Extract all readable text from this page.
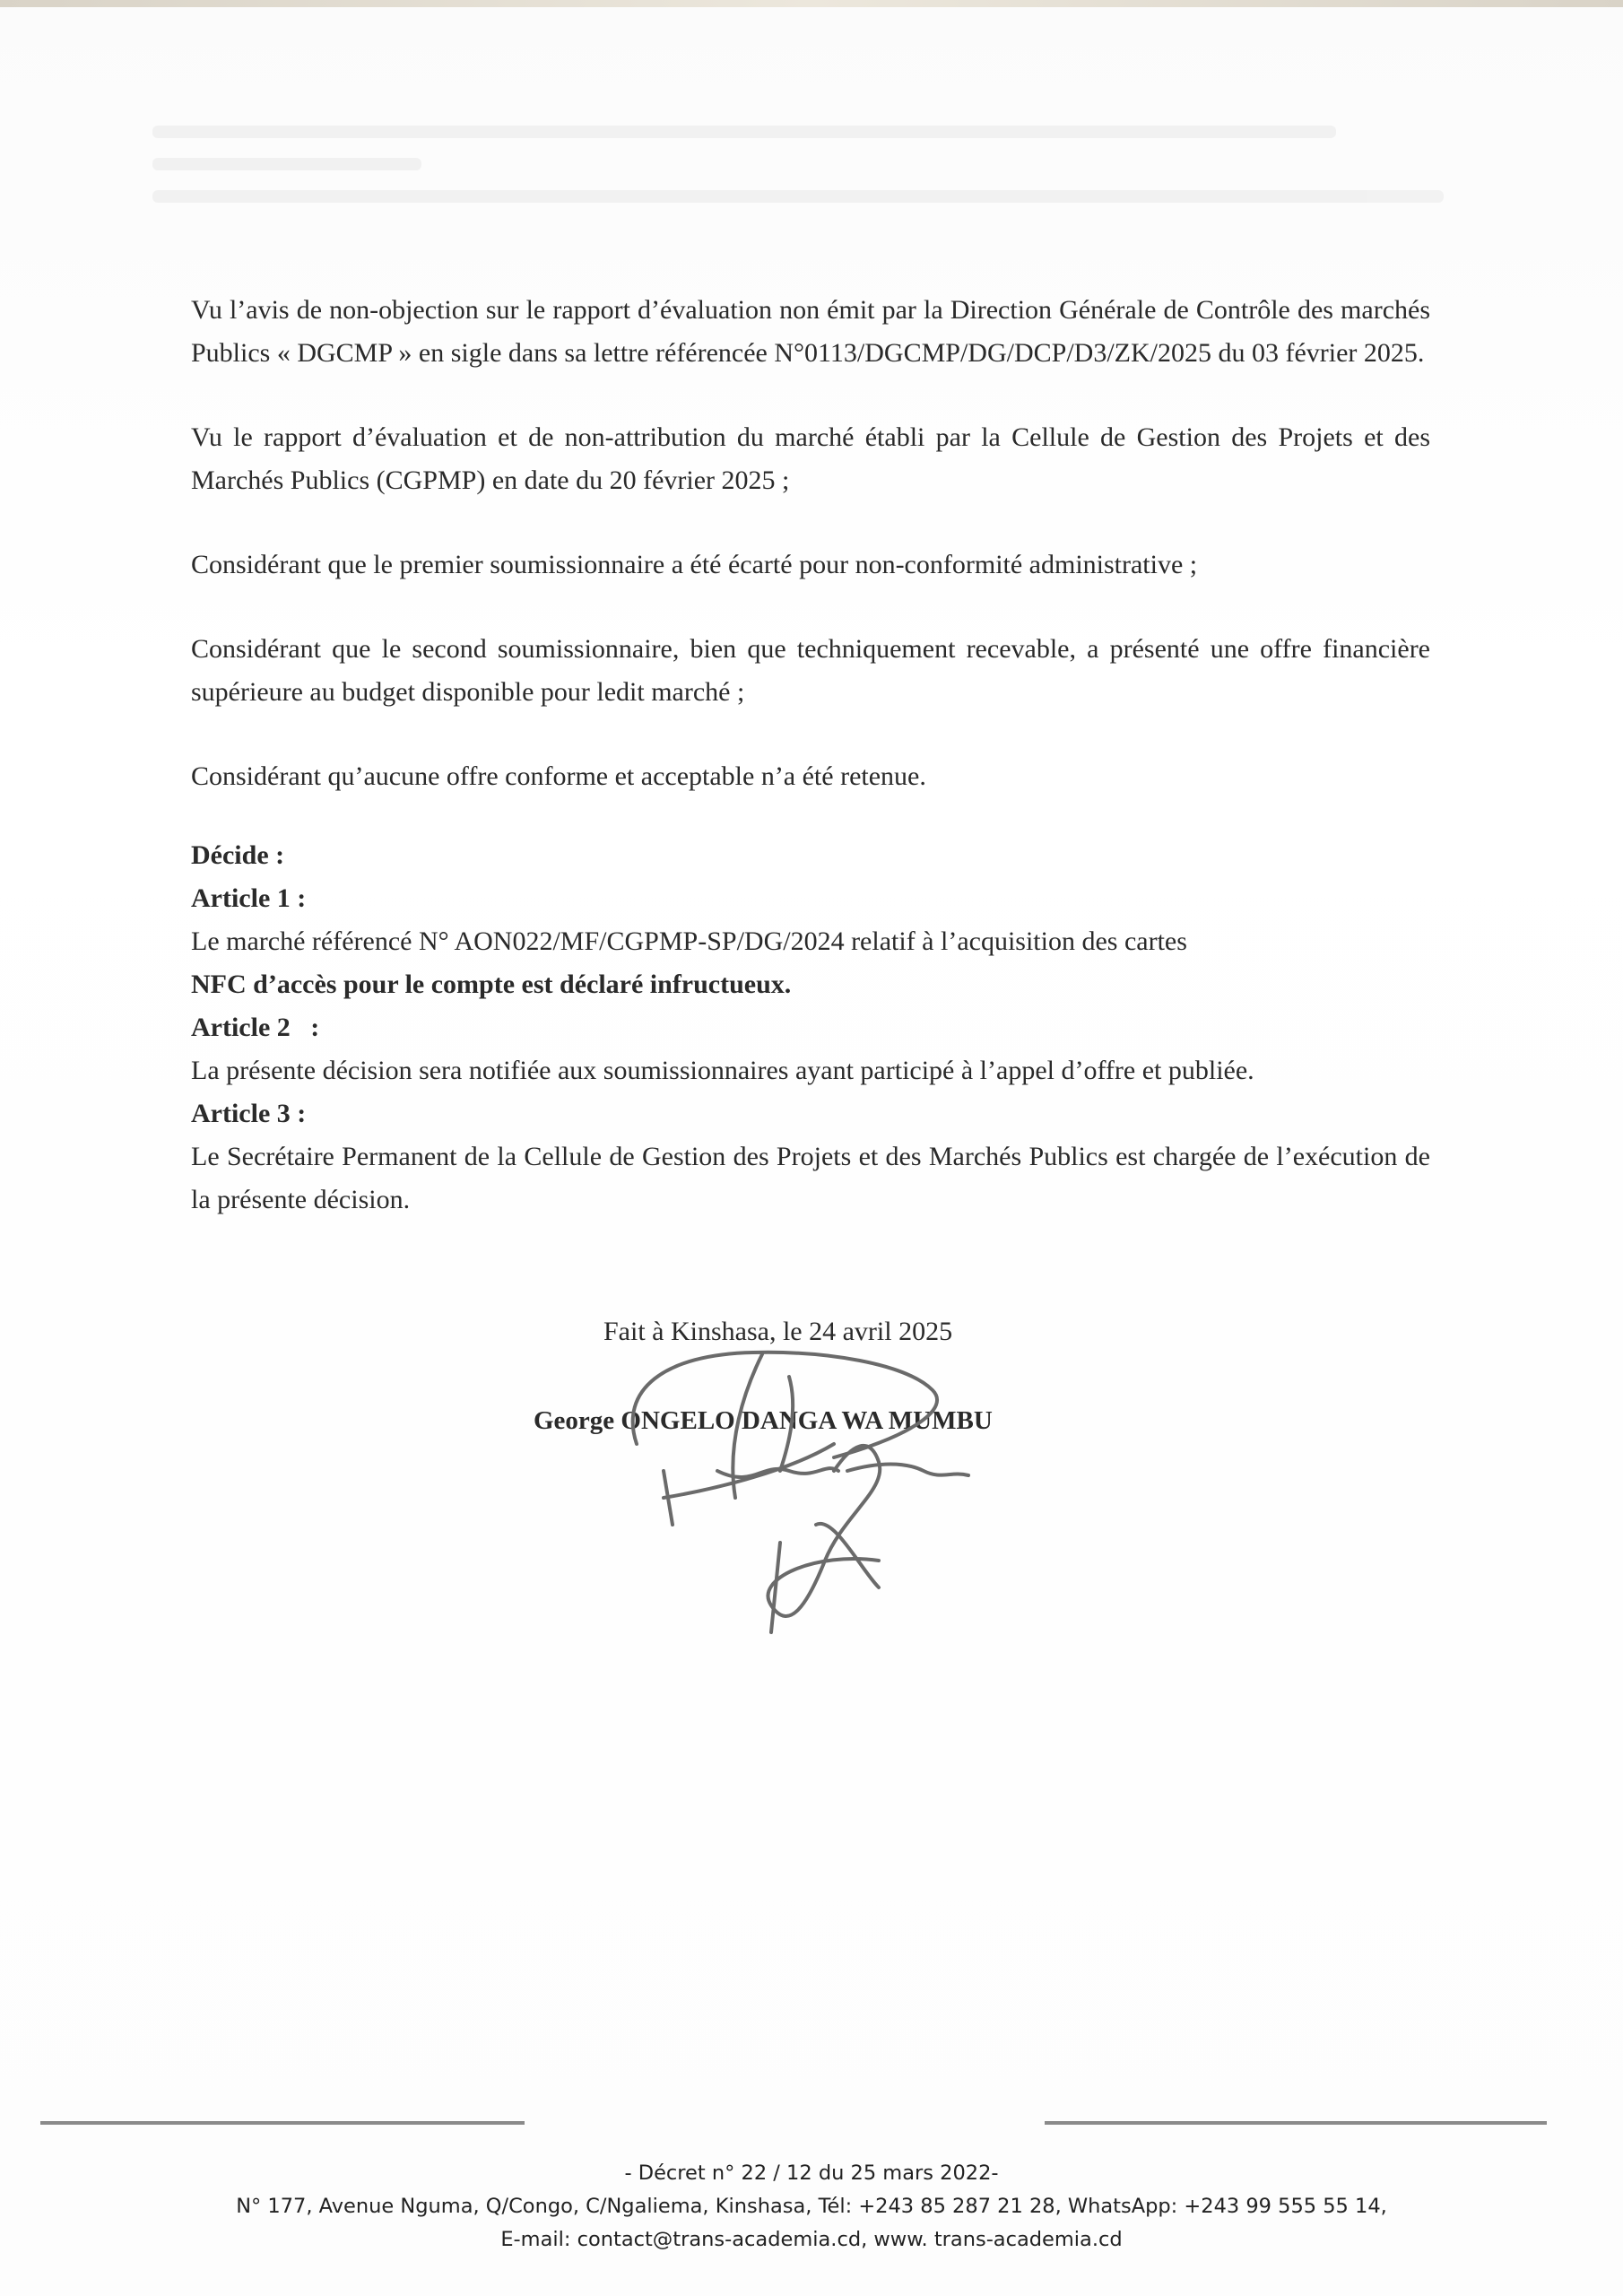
Vu l’avis de non-objection sur le rapport d’évaluation non émit par la Direction Générale de Contrôle des marchés Publics « DGCMP » en sigle dans sa lettre référencée N°0113/DGCMP/DG/DCP/D3/ZK/2025 du 03 février 2025.

Vu le rapport d’évaluation et de non-attribution du marché établi par la Cellule de Gestion des Projets et des Marchés Publics (CGPMP) en date du 20 février 2025 ;

Considérant que le premier soumissionnaire a été écarté pour non-conformité administrative ;

Considérant que le second soumissionnaire, bien que techniquement recevable, a présenté une offre financière supérieure au budget disponible pour ledit marché ;

Considérant qu’aucune offre conforme et acceptable n’a été retenue.

Décide :

Article 1 :

Le marché référencé N° AON022/MF/CGPMP-SP/DG/2024 relatif à l’acquisition des cartes
NFC d’accès pour le compte est déclaré infructueux.

Article 2   :

La présente décision sera notifiée aux soumissionnaires ayant participé à l’appel d’offre et publiée.

Article 3 :

Le Secrétaire Permanent de la Cellule de Gestion des Projets et des Marchés Publics est chargée de l’exécution de la présente décision.

Fait à Kinshasa, le 24 avril 2025
George ONGELO DANGA WA MUMBU
- Décret n° 22 / 12 du 25 mars 2022-
N° 177, Avenue Nguma, Q/Congo, C/Ngaliema, Kinshasa, Tél: +243 85 287 21 28, WhatsApp: +243 99 555 55 14,
E-mail: contact@trans-academia.cd, www. trans-academia.cd
